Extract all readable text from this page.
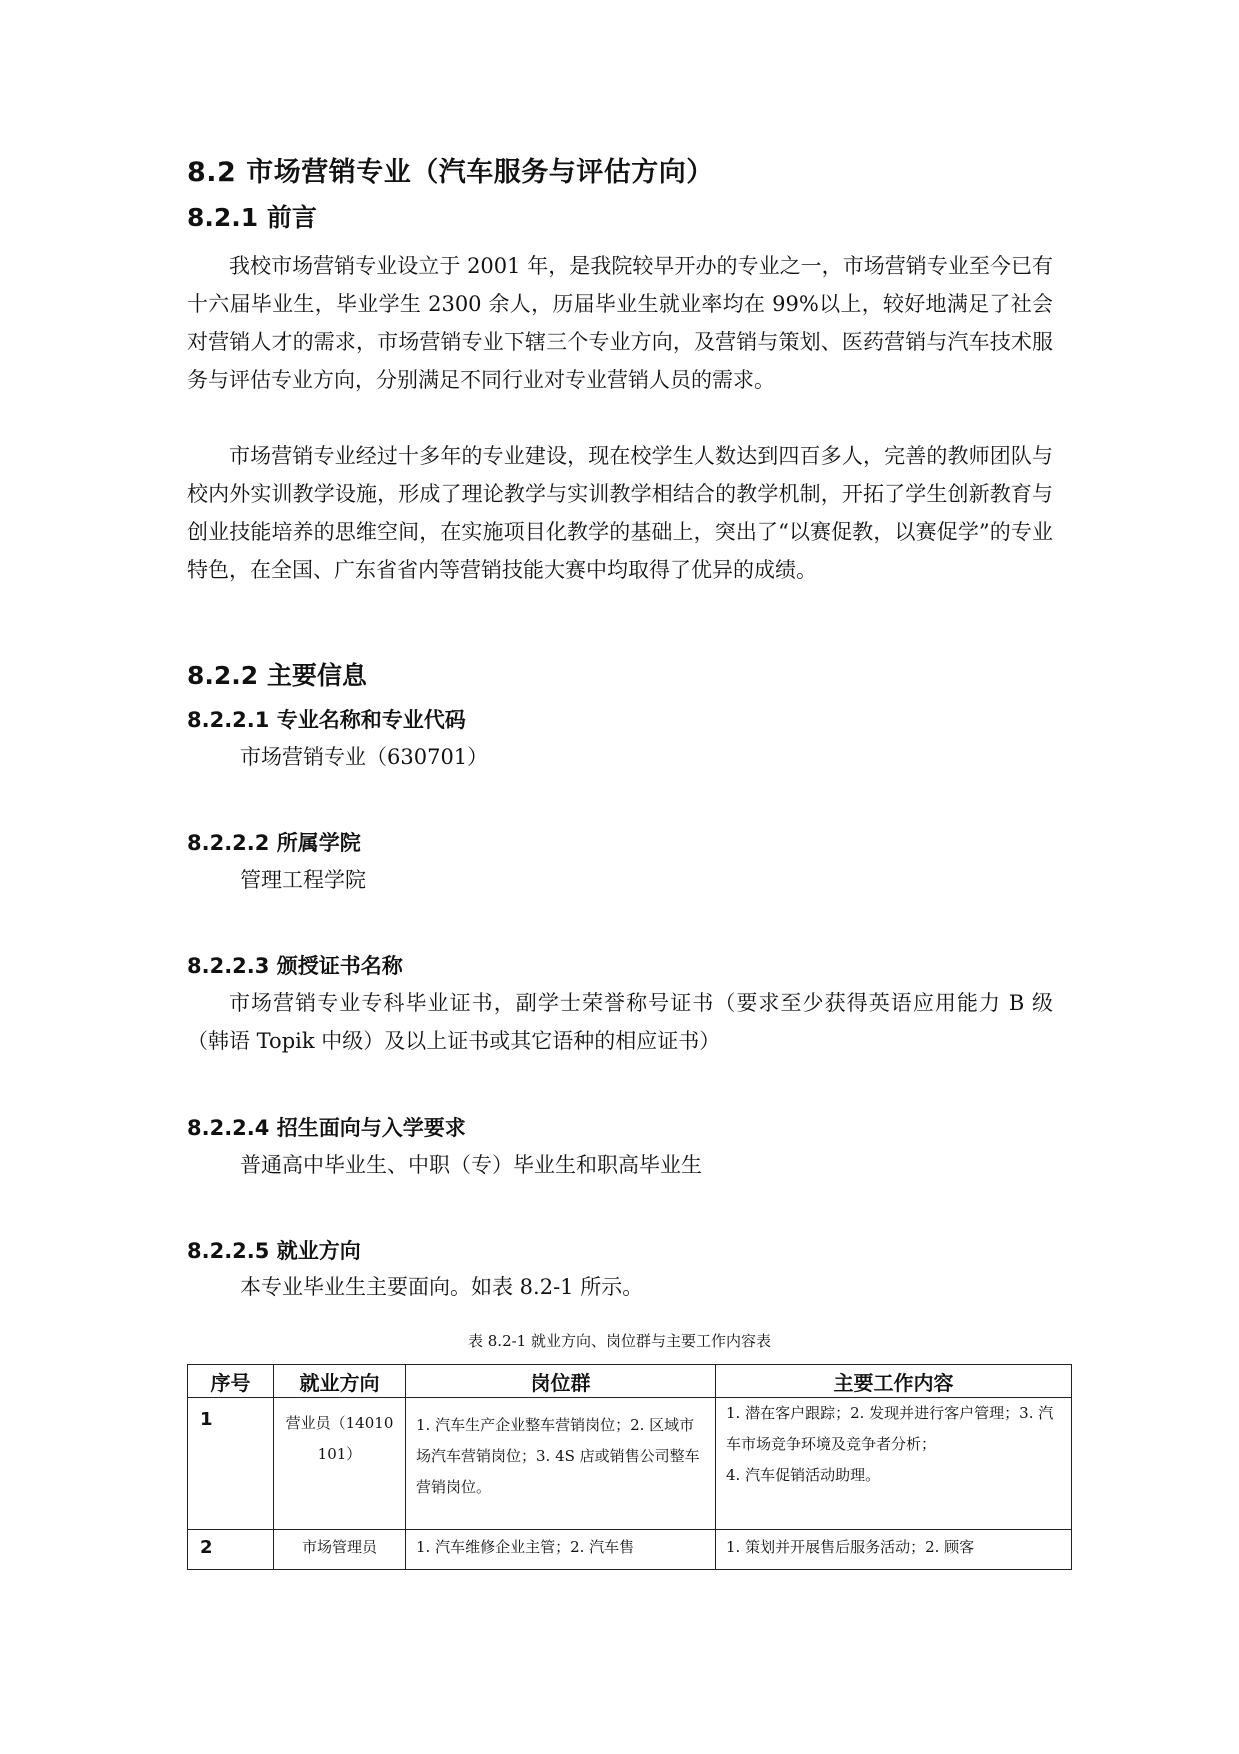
8.2 市场营销专业（汽车服务与评估方向）
8.2.1 前言

我校市场营销专业设立于 2001 年，是我院较早开办的专业之一，市场营销专业至今已有十六届毕业生，毕业学生 2300 余人，历届毕业生就业率均在 99%以上，较好地满足了社会对营销人才的需求，市场营销专业下辖三个专业方向，及营销与策划、医药营销与汽车技术服务与评估专业方向，分别满足不同行业对专业营销人员的需求。

市场营销专业经过十多年的专业建设，现在校学生人数达到四百多人，完善的教师团队与校内外实训教学设施，形成了理论教学与实训教学相结合的教学机制，开拓了学生创新教育与创业技能培养的思维空间，在实施项目化教学的基础上，突出了“以赛促教，以赛促学”的专业特色，在全国、广东省省内等营销技能大赛中均取得了优异的成绩。

8.2.2 主要信息
8.2.2.1 专业名称和专业代码
市场营销专业（630701）
8.2.2.2 所属学院
管理工程学院
8.2.2.3 颁授证书名称

市场营销专业专科毕业证书，副学士荣誉称号证书（要求至少获得英语应用能力 B 级（韩语 Topik 中级）及以上证书或其它语种的相应证书）

8.2.2.4 招生面向与入学要求
普通高中毕业生、中职（专）毕业生和职高毕业生
8.2.2.5 就业方向
本专业毕业生主要面向。如表 8.2-1 所示。
表 8.2-1 就业方向、岗位群与主要工作内容表
序号	就业方向	岗位群	主要工作内容
1	营业员（14010101）	1. 汽车生产企业整车营销岗位；2. 区域市场汽车营销岗位；3. 4S 店或销售公司整车营销岗位。	1. 潜在客户跟踪；2. 发现并进行客户管理；3. 汽车市场竞争环境及竞争者分析；
4. 汽车促销活动助理。

2	市场管理员	1. 汽车维修企业主管；2. 汽车售	1. 策划并开展售后服务活动；2. 顾客
